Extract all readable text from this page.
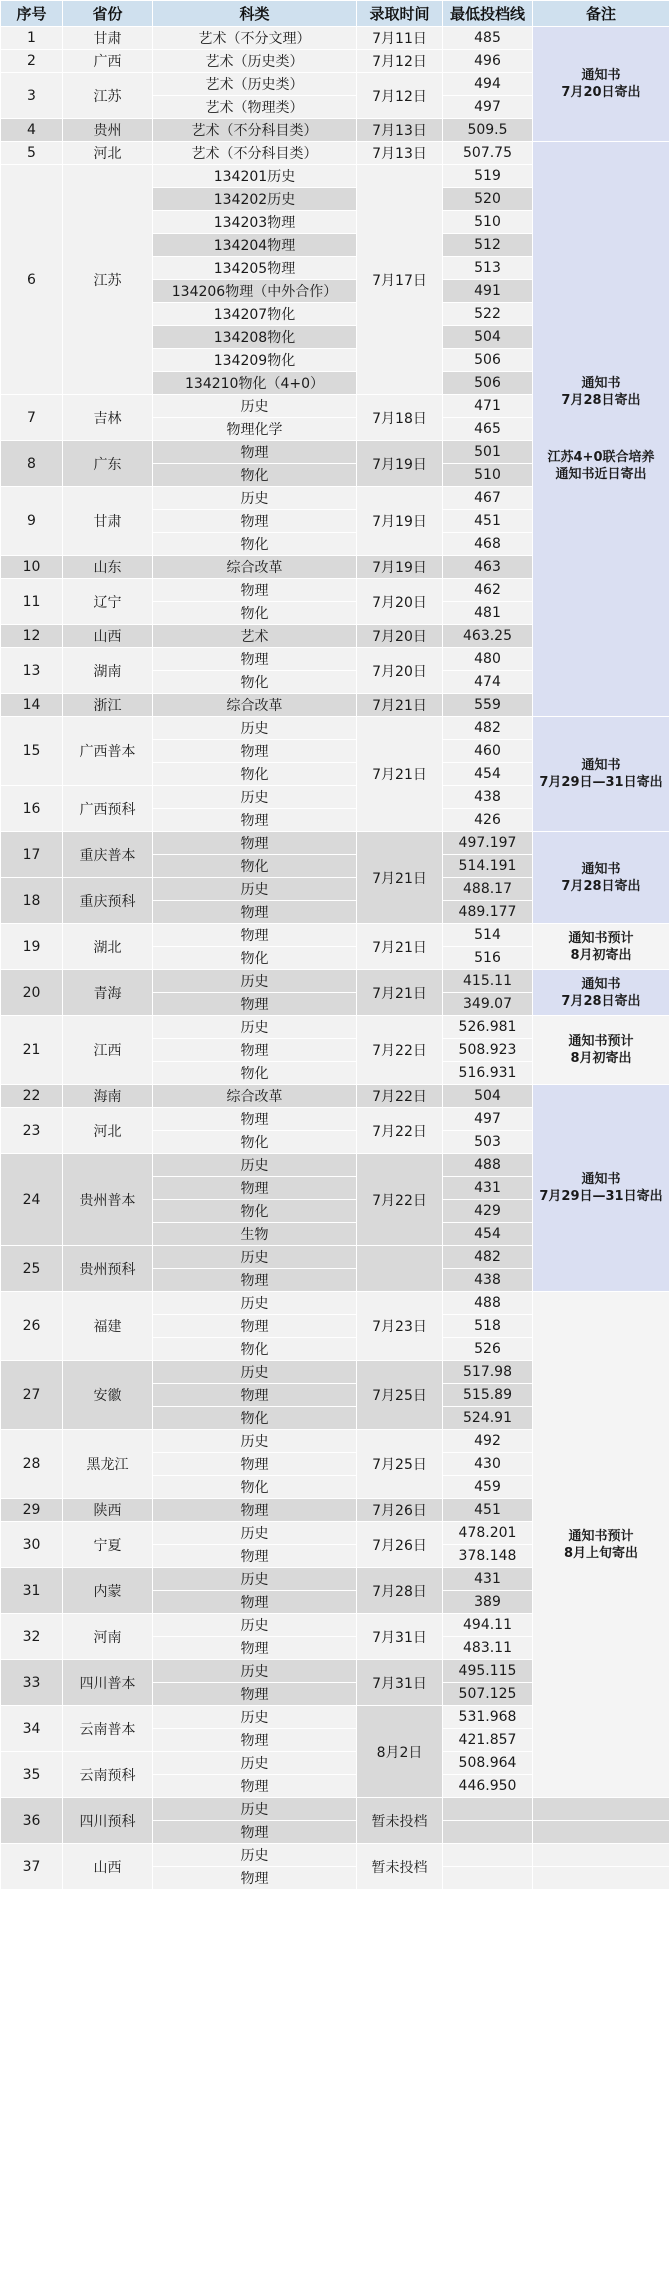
序号	省份	科类	录取时间	最低投档线	备注
1	甘肃	艺术（不分文理）	7月11日	485	通知书
7月20日寄出

2	广西	艺术（历史类）	7月12日	496	
3	江苏	艺术（历史类）	7月12日	494	
		艺术（物理类）		497	
4	贵州	艺术（不分科目类）	7月13日	509.5	
5	河北	艺术（不分科目类）	7月13日	507.75	通知书
7月28日寄出
江苏4+0联合培养
通知书近日寄出

6	江苏	134201历史	7月17日	519	
		134202历史		520	
		134203物理		510	
		134204物理		512	
		134205物理		513	
		134206物理（中外合作）		491	
		134207物化		522	
		134208物化		504	
		134209物化		506	
		134210物化（4+0）		506	
7	吉林	历史	7月18日	471	
		物理化学		465	
8	广东	物理	7月19日	501	
		物化		510	
9	甘肃	历史	7月19日	467	
		物理		451	
		物化		468	
10	山东	综合改革	7月19日	463	
11	辽宁	物理	7月20日	462	
		物化		481	
12	山西	艺术	7月20日	463.25	
13	湖南	物理	7月20日	480	
		物化		474	
14	浙江	综合改革	7月21日	559	
15	广西普本	历史	7月21日	482	通知书
7月29日—31日寄出

		物理		460	
		物化		454	
16	广西预科	历史		438	
		物理		426	
17	重庆普本	物理	7月21日	497.197	通知书
7月28日寄出

		物化		514.191	
18	重庆预科	历史		488.17	
		物理		489.177	
19	湖北	物理	7月21日	514	通知书预计
8月初寄出

		物化		516	
20	青海	历史	7月21日	415.11	通知书
7月28日寄出

		物理		349.07	
21	江西	历史	7月22日	526.981	通知书预计
8月初寄出

		物理		508.923	
		物化		516.931	
22	海南	综合改革	7月22日	504	通知书
7月29日—31日寄出

23	河北	物理	7月22日	497	
		物化		503	
24	贵州普本	历史	7月22日	488	
		物理		431	
		物化		429	
		生物		454	
25	贵州预科	历史		482	
		物理		438	
26	福建	历史	7月23日	488	通知书预计
8月上旬寄出

		物理		518	
		物化		526	
27	安徽	历史	7月25日	517.98	
		物理		515.89	
		物化		524.91	
28	黑龙江	历史	7月25日	492	
		物理		430	
		物化		459	
29	陕西	物理	7月26日	451	
30	宁夏	历史	7月26日	478.201	
		物理		378.148	
31	内蒙	历史	7月28日	431	
		物理		389	
32	河南	历史	7月31日	494.11	
		物理		483.11	
33	四川普本	历史	7月31日	495.115	
		物理		507.125	
34	云南普本	历史	8月2日	531.968	
		物理		421.857	
35	云南预科	历史		508.964	
		物理		446.950	
36	四川预科	历史	暂未投档		
		物理			
37	山西	历史	暂未投档		
		物理			
